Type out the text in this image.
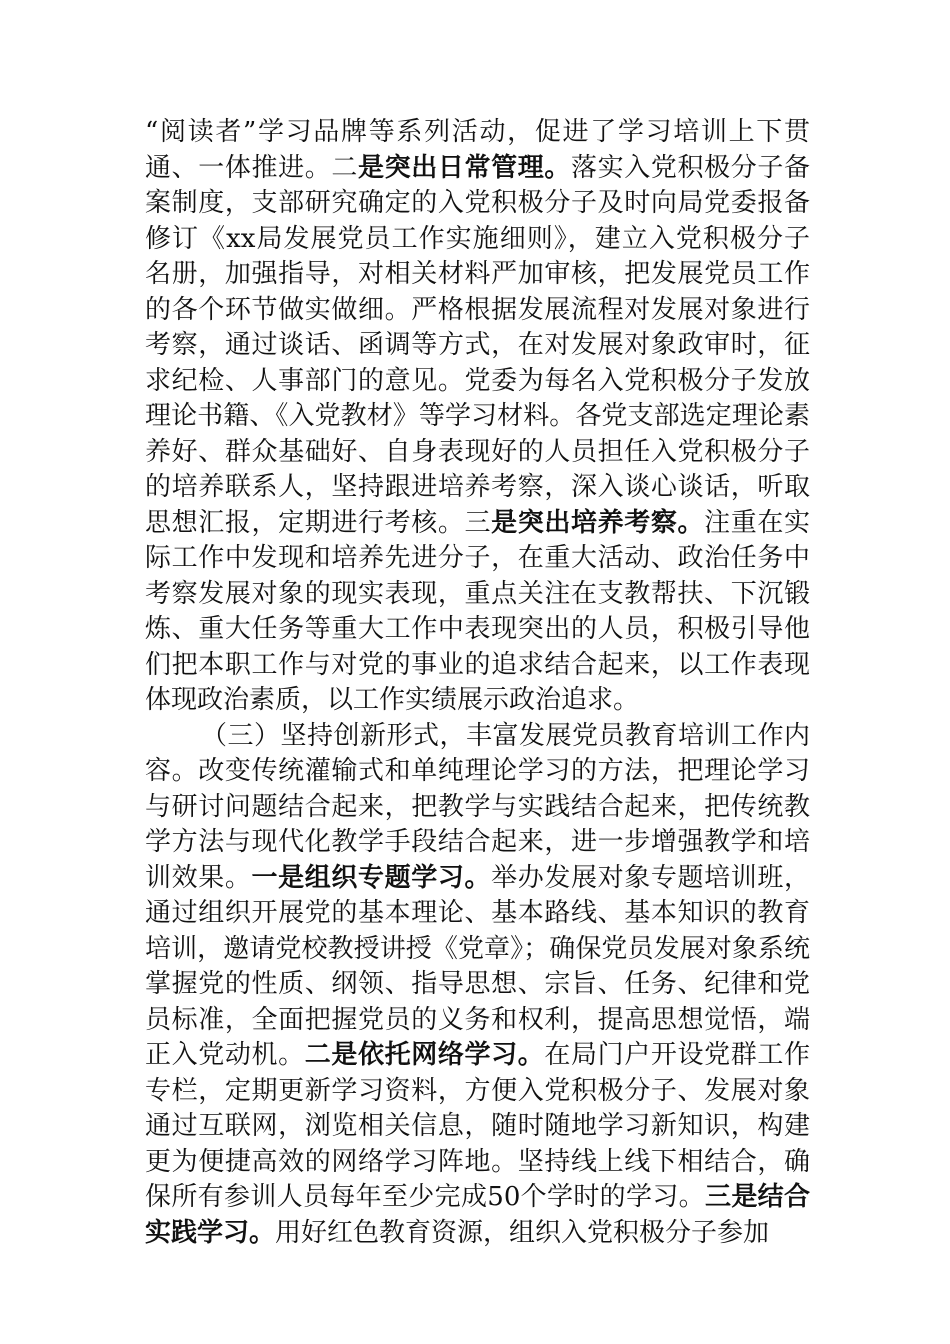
“阅读者”学习品牌等系列活动，促进了学习培训上下贯通、一体推进。二是突出日常管理。落实入党积极分子备案制度，支部研究确定的入党积极分子及时向局党委报备修订《xx局发展党员工作实施细则》，建立入党积极分子名册，加强指导，对相关材料严加审核，把发展党员工作的各个环节做实做细。严格根据发展流程对发展对象进行考察，通过谈话、函调等方式，在对发展对象政审时，征求纪检、人事部门的意见。党委为每名入党积极分子发放理论书籍、《入党教材》等学习材料。各党支部选定理论素养好、群众基础好、自身表现好的人员担任入党积极分子的培养联系人，坚持跟进培养考察，深入谈心谈话，听取思想汇报，定期进行考核。三是突出培养考察。注重在实际工作中发现和培养先进分子，在重大活动、政治任务中考察发展对象的现实表现，重点关注在支教帮扶、下沉锻炼、重大任务等重大工作中表现突出的人员，积极引导他们把本职工作与对党的事业的追求结合起来，以工作表现体现政治素质，以工作实绩展示政治追求。

（三）坚持创新形式，丰富发展党员教育培训工作内容。改变传统灌输式和单纯理论学习的方法，把理论学习与研讨问题结合起来，把教学与实践结合起来，把传统教学方法与现代化教学手段结合起来，进一步增强教学和培训效果。一是组织专题学习。举办发展对象专题培训班，通过组织开展党的基本理论、基本路线、基本知识的教育培训，邀请党校教授讲授《党章》；确保党员发展对象系统掌握党的性质、纲领、指导思想、宗旨、任务、纪律和党员标准，全面把握党员的义务和权利，提高思想觉悟，端正入党动机。二是依托网络学习。在局门户开设党群工作专栏，定期更新学习资料，方便入党积极分子、发展对象通过互联网，浏览相关信息，随时随地学习新知识，构建更为便捷高效的网络学习阵地。坚持线上线下相结合，确保所有参训人员每年至少完成50个学时的学习。三是结合实践学习。用好红色教育资源，组织入党积极分子参加
